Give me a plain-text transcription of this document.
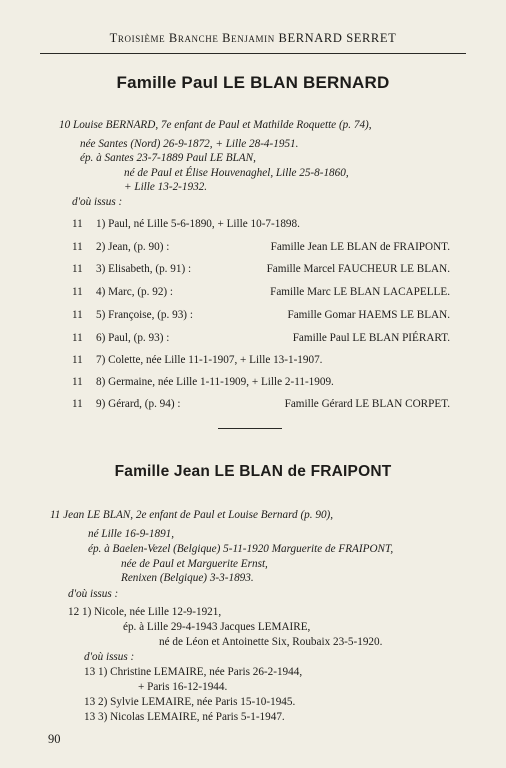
Troisième Branche Benjamin BERNARD SERRET
Famille Paul LE BLAN BERNARD
10 Louise BERNARD, 7e enfant de Paul et Mathilde Roquette (p. 74),
née Santes (Nord) 26-9-1872, + Lille 28-4-1951.
ép. à Santes 23-7-1889 Paul LE BLAN,
né de Paul et Élise Houvenaghel, Lille 25-8-1860,
+ Lille 13-2-1932.
d'où issus :
11 1) Paul, né Lille 5-6-1890, + Lille 10-7-1898.
11 2) Jean, (p. 90) :	Famille Jean LE BLAN de FRAIPONT.
11 3) Elisabeth, (p. 91) :	Famille Marcel FAUCHEUR LE BLAN.
11 4) Marc, (p. 92) :	Famille Marc LE BLAN LACAPELLE.
11 5) Françoise, (p. 93) :	Famille Gomar HAEMS LE BLAN.
11 6) Paul, (p. 93) :	Famille Paul LE BLAN PIÉRART.
11 7) Colette, née Lille 11-1-1907, + Lille 13-1-1907.
11 8) Germaine, née Lille 1-11-1909, + Lille 2-11-1909.
11 9) Gérard, (p. 94) :	Famille Gérard LE BLAN CORPET.
Famille Jean LE BLAN de FRAIPONT
11 Jean LE BLAN, 2e enfant de Paul et Louise Bernard (p. 90),
né Lille 16-9-1891,
ép. à Baelen-Vezel (Belgique) 5-11-1920 Marguerite de FRAIPONT,
née de Paul et Marguerite Ernst,
Renixen (Belgique) 3-3-1893.
d'où issus :
12 1) Nicole, née Lille 12-9-1921,
ép. à Lille 29-4-1943 Jacques LEMAIRE,
né de Léon et Antoinette Six, Roubaix 23-5-1920.
d'où issus :
13 1) Christine LEMAIRE, née Paris 26-2-1944,
+ Paris 16-12-1944.
13 2) Sylvie LEMAIRE, née Paris 15-10-1945.
13 3) Nicolas LEMAIRE, né Paris 5-1-1947.
90
